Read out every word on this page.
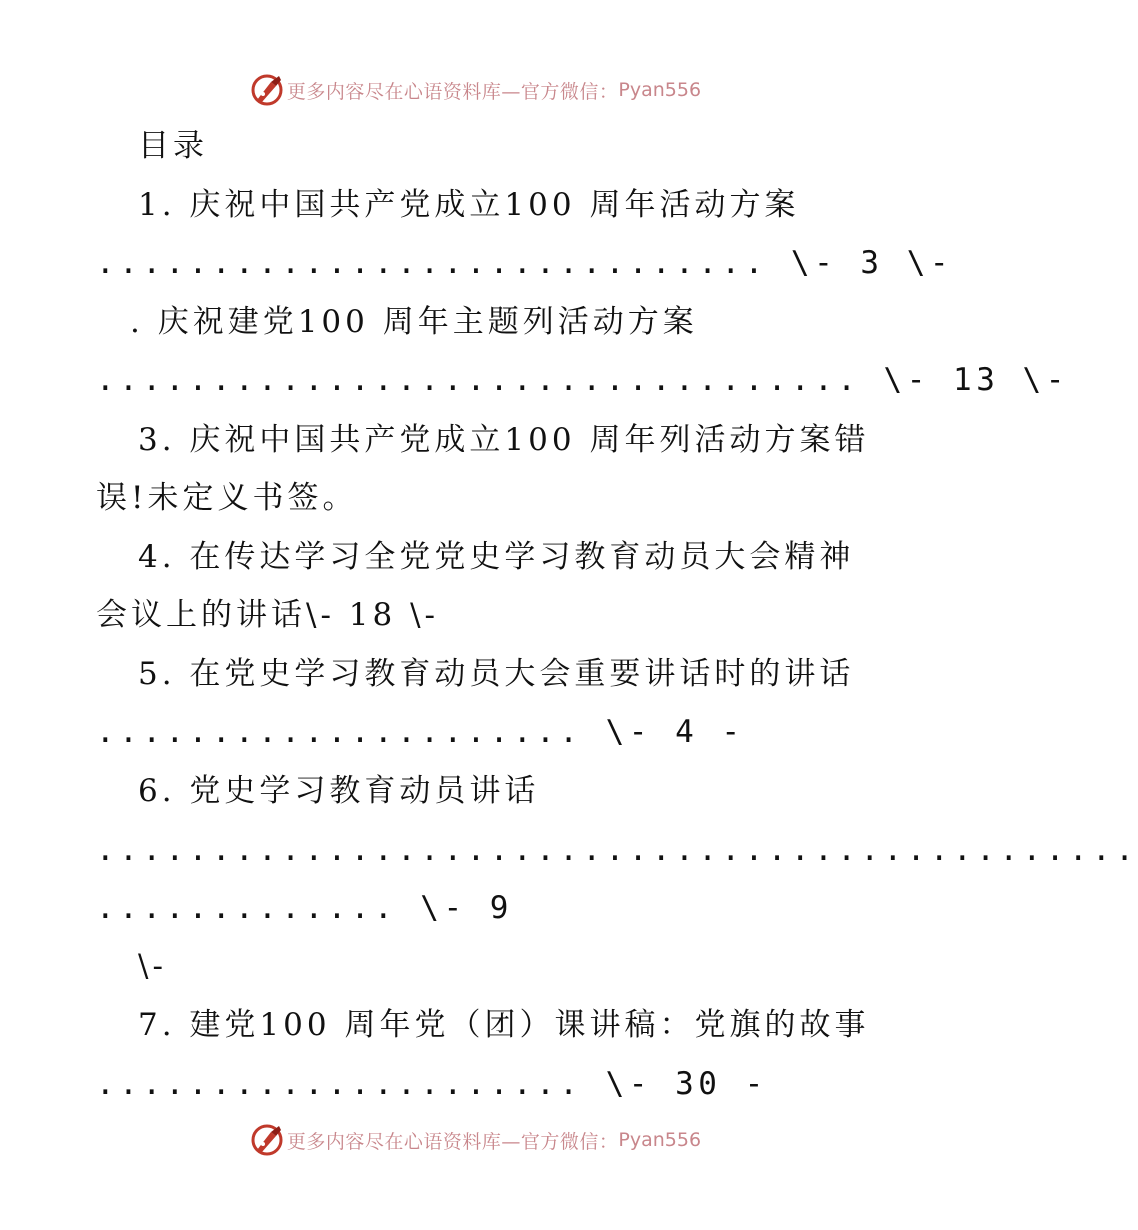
更多内容尽在心语资料库—官方微信： Pyan556
目录
1. 庆祝中国共产党成立100 周年活动方案
............................. \- 3 \-
. 庆祝建党100 周年主题列活动方案
................................. \- 13 \-
3. 庆祝中国共产党成立100 周年列活动方案错
误!未定义书签。
4. 在传达学习全党党史学习教育动员大会精神
会议上的讲话\- 18 \-
5. 在党史学习教育动员大会重要讲话时的讲话
..................... \- 4 -
6. 党史学习教育动员讲话
.............................................
............. \- 9
\-
7. 建党100 周年党（团）课讲稿：党旗的故事
..................... \- 30 -
更多内容尽在心语资料库—官方微信： Pyan556
